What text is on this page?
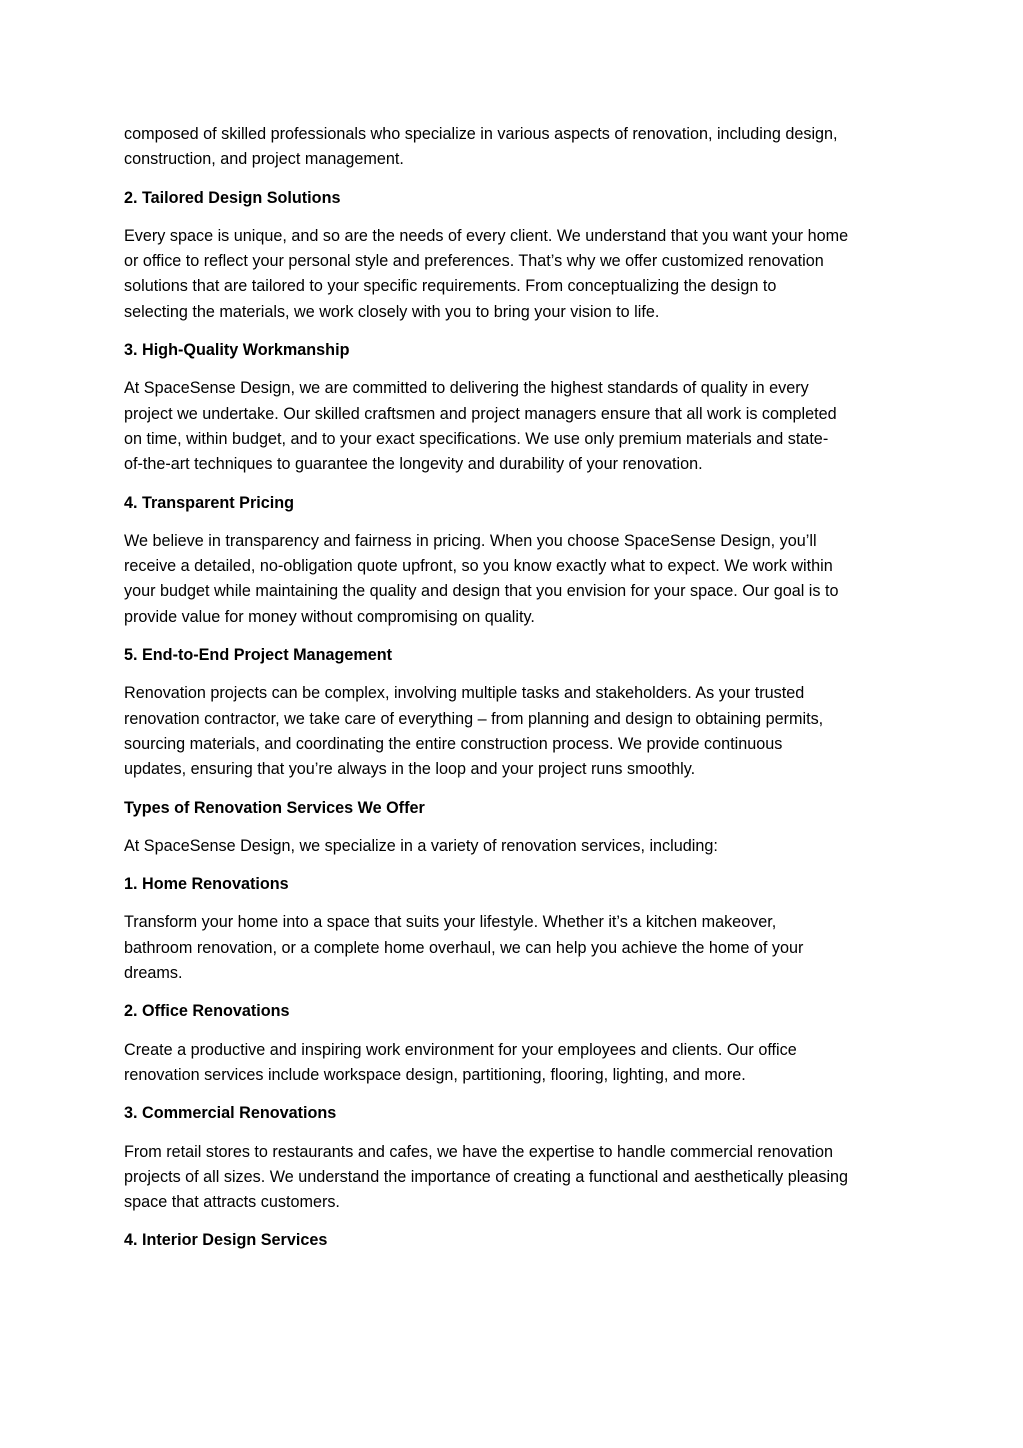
composed of skilled professionals who specialize in various aspects of renovation, including design,
construction, and project management.
2. Tailored Design Solutions
Every space is unique, and so are the needs of every client. We understand that you want your home
or office to reflect your personal style and preferences. That’s why we offer customized renovation
solutions that are tailored to your specific requirements. From conceptualizing the design to
selecting the materials, we work closely with you to bring your vision to life.
3. High-Quality Workmanship
At SpaceSense Design, we are committed to delivering the highest standards of quality in every
project we undertake. Our skilled craftsmen and project managers ensure that all work is completed
on time, within budget, and to your exact specifications. We use only premium materials and state-
of-the-art techniques to guarantee the longevity and durability of your renovation.
4. Transparent Pricing
We believe in transparency and fairness in pricing. When you choose SpaceSense Design, you’ll
receive a detailed, no-obligation quote upfront, so you know exactly what to expect. We work within
your budget while maintaining the quality and design that you envision for your space. Our goal is to
provide value for money without compromising on quality.
5. End-to-End Project Management
Renovation projects can be complex, involving multiple tasks and stakeholders. As your trusted
renovation contractor, we take care of everything – from planning and design to obtaining permits,
sourcing materials, and coordinating the entire construction process. We provide continuous
updates, ensuring that you’re always in the loop and your project runs smoothly.
Types of Renovation Services We Offer
At SpaceSense Design, we specialize in a variety of renovation services, including:
1. Home Renovations
Transform your home into a space that suits your lifestyle. Whether it’s a kitchen makeover,
bathroom renovation, or a complete home overhaul, we can help you achieve the home of your
dreams.
2. Office Renovations
Create a productive and inspiring work environment for your employees and clients. Our office
renovation services include workspace design, partitioning, flooring, lighting, and more.
3. Commercial Renovations
From retail stores to restaurants and cafes, we have the expertise to handle commercial renovation
projects of all sizes. We understand the importance of creating a functional and aesthetically pleasing
space that attracts customers.
4. Interior Design Services
